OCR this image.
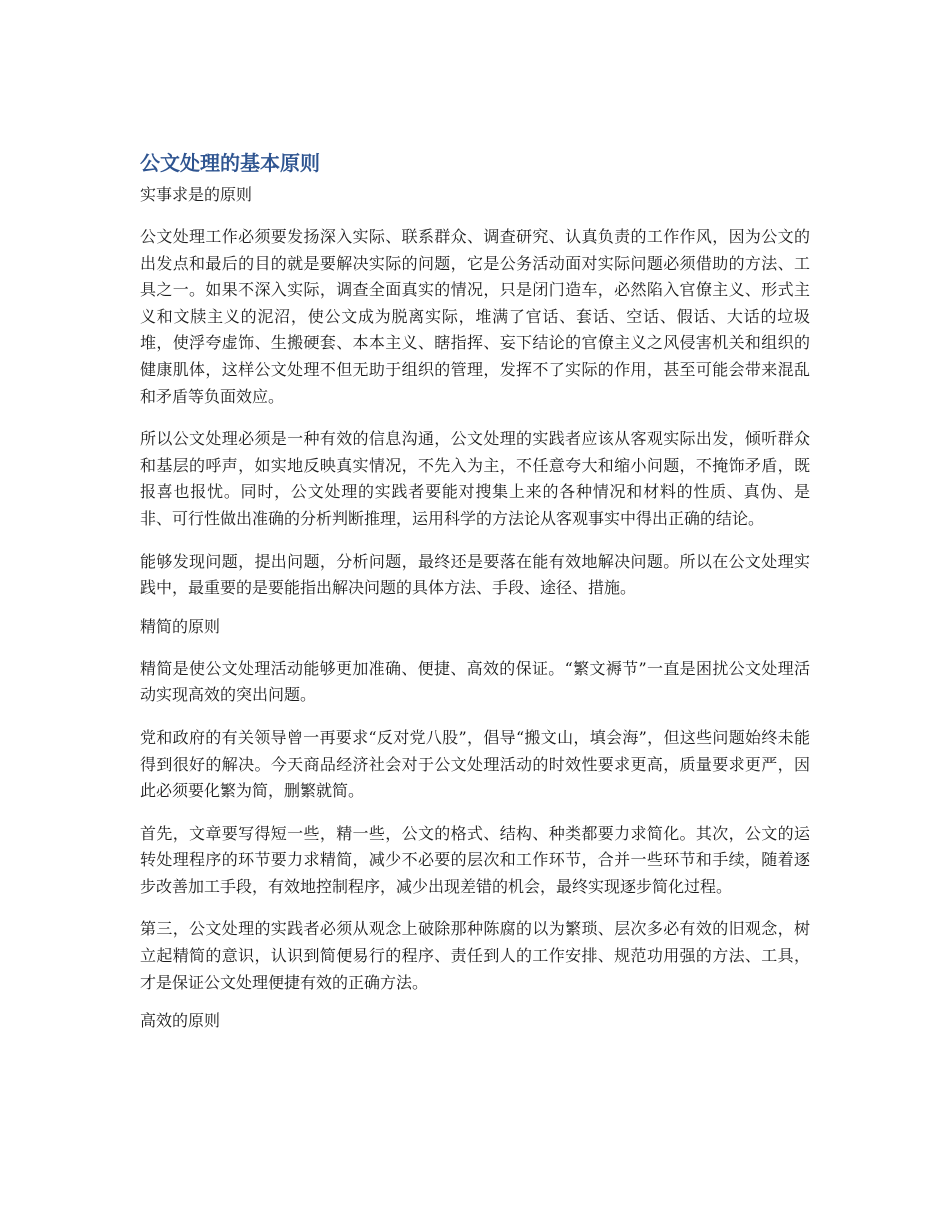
公文处理的基本原则
实事求是的原则

公文处理工作必须要发扬深入实际、联系群众、调查研究、认真负责的工作作风，因为公文的出发点和最后的目的就是要解决实际的问题，它是公务活动面对实际问题必须借助的方法、工具之一。如果不深入实际，调查全面真实的情况，只是闭门造车，必然陷入官僚主义、形式主义和文牍主义的泥沼，使公文成为脱离实际，堆满了官话、套话、空话、假话、大话的垃圾堆，使浮夸虚饰、生搬硬套、本本主义、瞎指挥、妄下结论的官僚主义之风侵害机关和组织的健康肌体，这样公文处理不但无助于组织的管理，发挥不了实际的作用，甚至可能会带来混乱和矛盾等负面效应。

所以公文处理必须是一种有效的信息沟通，公文处理的实践者应该从客观实际出发，倾听群众和基层的呼声，如实地反映真实情况，不先入为主，不任意夸大和缩小问题，不掩饰矛盾，既报喜也报忧。同时，公文处理的实践者要能对搜集上来的各种情况和材料的性质、真伪、是非、可行性做出准确的分析判断推理，运用科学的方法论从客观事实中得出正确的结论。

能够发现问题，提出问题，分析问题，最终还是要落在能有效地解决问题。所以在公文处理实践中，最重要的是要能指出解决问题的具体方法、手段、途径、措施。

精简的原则

精简是使公文处理活动能够更加准确、便捷、高效的保证。“繁文褥节”一直是困扰公文处理活动实现高效的突出问题。

党和政府的有关领导曾一再要求“反对党八股”，倡导“搬文山，填会海”，但这些问题始终未能得到很好的解决。今天商品经济社会对于公文处理活动的时效性要求更高，质量要求更严，因此必须要化繁为简，删繁就简。

首先，文章要写得短一些，精一些，公文的格式、结构、种类都要力求简化。其次，公文的运转处理程序的环节要力求精简，减少不必要的层次和工作环节，合并一些环节和手续，随着逐步改善加工手段，有效地控制程序，减少出现差错的机会，最终实现逐步简化过程。

第三，公文处理的实践者必须从观念上破除那种陈腐的以为繁琐、层次多必有效的旧观念，树立起精简的意识，认识到简便易行的程序、责任到人的工作安排、规范功用强的方法、工具，才是保证公文处理便捷有效的正确方法。

高效的原则
